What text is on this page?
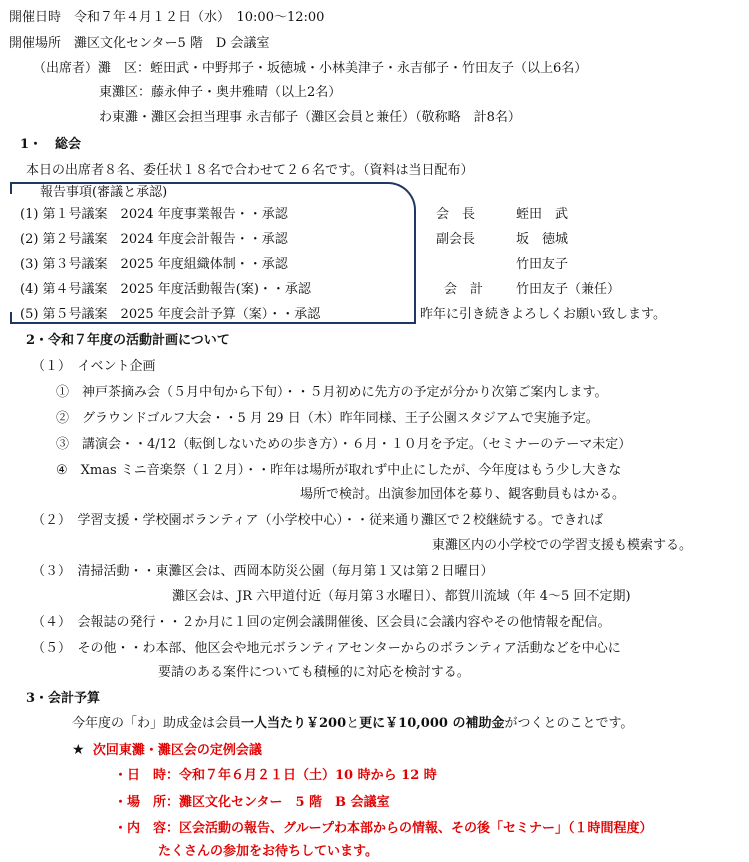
開催日時　令和７年４月１２日（水）　10:00〜12:00
開催場所　灘区文化センター5 階　D 会議室
（出席者）灘　区：蛭田武・中野邦子・坂徳城・小林美津子・永吉郁子・竹田友子（以上6名）
東灘区：藤永伸子・奥井雅晴（以上2名）
わ東灘・灘区会担当理事 永吉郁子（灘区会員と兼任）（敬称略　計8名）
1・　総会
本日の出席者８名、委任状１８名で合わせて２６名です。（資料は当日配布）
報告事項(審議と承認)
(1) 第１号議案　2024 年度事業報告・・承認
(2) 第２号議案　2024 年度会計報告・・承認
(3) 第３号議案　2025 年度組織体制・・承認
(4) 第４号議案　2025 年度活動報告(案)・・承認
(5) 第５号議案　2025 年度会計予算（案）・・承認
会　長	蛭田　武
副会長	坂　徳城
竹田友子
会　計	竹田友子（兼任）
昨年に引き続きよろしくお願い致します。
2・令和７年度の活動計画について
（１）　イベント企画
①　神戸茶摘み会（５月中旬から下旬）・・５月初めに先方の予定が分かり次第ご案内します。
②　グラウンドゴルフ大会・・5 月 29 日（木）昨年同様、王子公園スタジアムで実施予定。
③　講演会・・4/12（転倒しないための歩き方）・６月・１０月を予定。（セミナーのテーマ未定）
④　Xmas ミニ音楽祭（１２月）・・昨年は場所が取れず中止にしたが、今年度はもう少し大きな
場所で検討。出演参加団体を募り、観客動員もはかる。
（２）　学習支援・学校園ボランティア（小学校中心）・・従来通り灘区で２校継続する。できれば
東灘区内の小学校での学習支援も模索する。
（３）　清掃活動・・東灘区会は、西岡本防災公園（毎月第１又は第２日曜日）
灘区会は、JR 六甲道付近（毎月第３水曜日）、都賀川流域（年 4〜5 回不定期)
（４）　会報誌の発行・・２か月に１回の定例会議開催後、区会員に会議内容やその他情報を配信。
（５）　その他・・わ本部、他区会や地元ボランティアセンターからのボランティア活動などを中心に
要請のある案件についても積極的に対応を検討する。
3・会計予算
今年度の「わ」助成金は会員一人当たり￥200と更に￥10,000 の補助金がつくとのことです。
★ 次回東灘・灘区会の定例会議
・日　時：令和７年６月２１日（土）10 時から 12 時
・場　所：灘区文化センター　5 階　B 会議室
・内　容：区会活動の報告、グループわ本部からの情報、その後「セミナー」（１時間程度）
たくさんの参加をお待ちしています。
